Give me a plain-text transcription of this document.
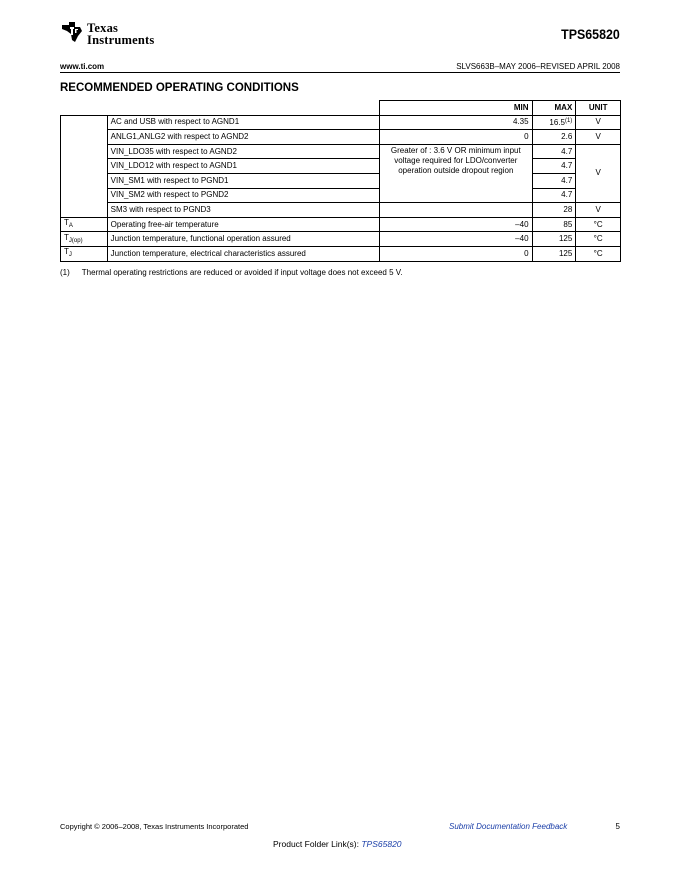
Texas
Instruments	TPS65820
www.ti.com	SLVS663B–MAY 2006–REVISED APRIL 2008
RECOMMENDED OPERATING CONDITIONS
		MIN	MAX	UNIT
	AC and USB with respect to AGND1	4.35	16.5$^{(1)}$	V
	ANLG1,ANLG2 with respect to AGND2	0	2.6	V
	VIN_LDO35 with respect to AGND2	Greater of : 3.6 V OR minimum input voltage required for LDO/converter operation outside dropout region	4.7	V
	VIN_LDO12 with respect to AGND1		4.7	
	VIN_SM1 with respect to PGND1		4.7	
	VIN_SM2 with respect to PGND2		4.7	
	SM3 with respect to PGND3		28	V
$T_A$	Operating free-air temperature	–40	85	°C
$T_{J(op)}$	Junction temperature, functional operation assured	–40	125	°C
$T_J$	Junction temperature, electrical characteristics assured	0	125	°C
(1) Thermal operating restrictions are reduced or avoided if input voltage does not exceed 5 V.
Copyright © 2006–2008, Texas Instruments Incorporated	Submit Documentation Feedback	5
Product Folder Link(s): TPS65820
